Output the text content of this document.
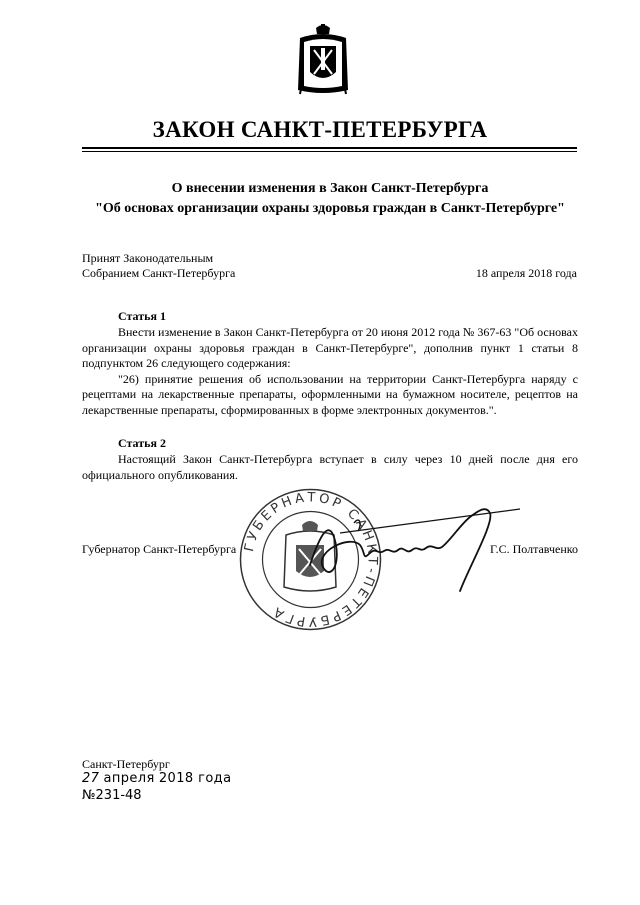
ЗАКОН САНКТ-ПЕТЕРБУРГА
О внесении изменения в Закон Санкт-Петербурга
"Об основах организации охраны здоровья граждан в Санкт-Петербурге"
Принят Законодательным
Собранием Санкт-Петербурга	18 апреля 2018 года
Статья 1

Внести изменение в Закон Санкт-Петербурга от 20 июня 2012 года № 367-63 "Об основах организации охраны здоровья граждан в Санкт-Петербурге", дополнив пункт 1 статьи 8 подпунктом 26 следующего содержания:

"26) принятие решения об использовании на территории Санкт-Петербурга наряду с рецептами на лекарственные препараты, оформленными на бумажном носителе, рецептов на лекарственные препараты, сформированных в форме электронных документов.".

Статья 2

Настоящий Закон Санкт-Петербурга вступает в силу через 10 дней после дня его официального опубликования.

ГУБЕРНАТОР САНКТ-ПЕТЕРБУРГА
Губернатор Санкт-Петербурга	Г.С. Полтавченко
Санкт-Петербург
27 апреля 2018 года
№231-48
